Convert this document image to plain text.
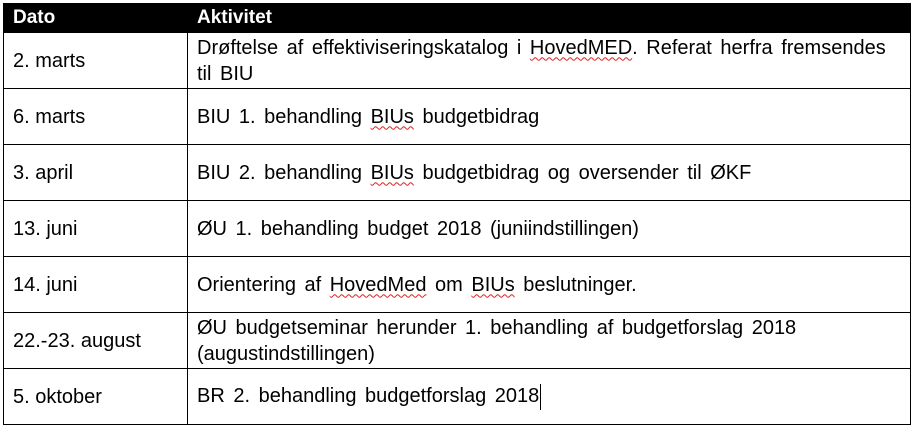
Dato	Aktivitet
2. marts	Drøftelse af effektiviseringskatalog i HovedMED. Referat herfra fremsendes til BIU
6. marts	BIU 1. behandling BIUs budgetbidrag
3. april	BIU 2. behandling BIUs budgetbidrag og oversender til ØKF
13. juni	ØU 1. behandling budget 2018 (juniindstillingen)
14. juni	Orientering af HovedMed om BIUs beslutninger.
22.-23. august	ØU budgetseminar herunder 1. behandling af budgetforslag 2018 (augustindstillingen)
5. oktober	BR 2. behandling budgetforslag 2018
